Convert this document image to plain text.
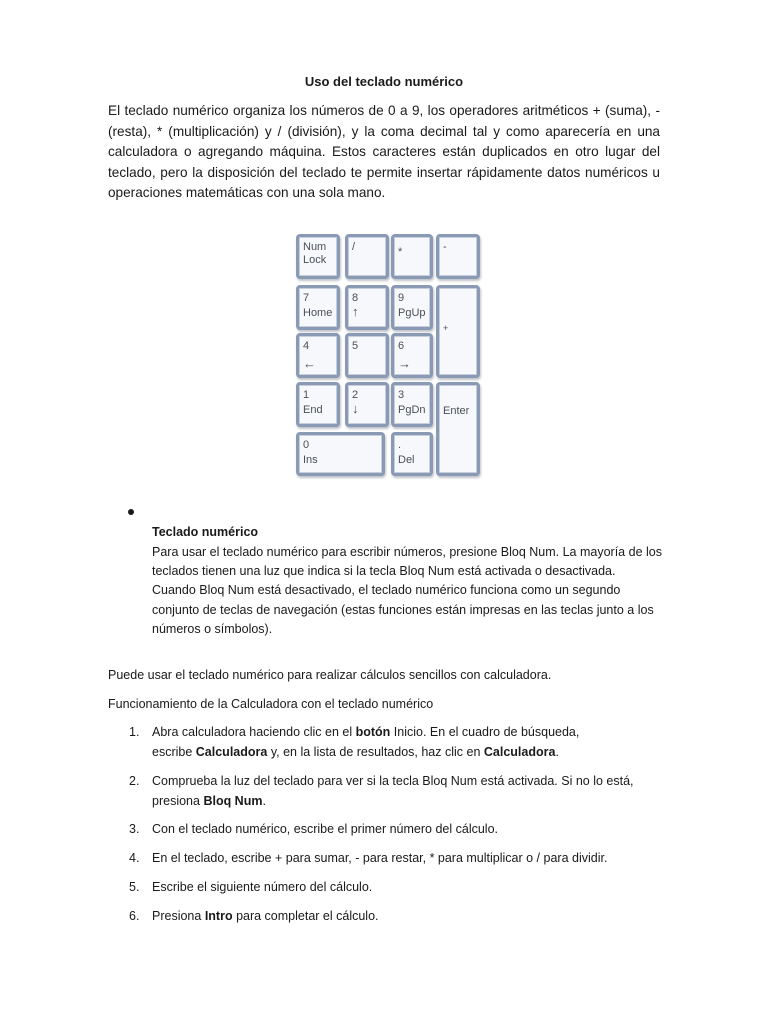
Uso del teclado numérico

El teclado numérico organiza los números de 0 a 9, los operadores aritméticos + (suma), - (resta), * (multiplicación) y / (división), y la coma decimal tal y como aparecería en una calculadora o agregando máquina. Estos caracteres están duplicados en otro lugar del teclado, pero la disposición del teclado te permite insertar rápidamente datos numéricos u operaciones matemáticas con una sola mano.

Num
Lock
/	*	-
7
Home
8
↑
9
PgUp
+
4
←
5	6
→
1
End
2
↓
3
PgDn	Enter
0
Ins
.
Del
Teclado numérico

Para usar el teclado numérico para escribir números, presione Bloq Num. La mayoría de los teclados tienen una luz que indica si la tecla Bloq Num está activada o desactivada. Cuando Bloq Num está desactivado, el teclado numérico funciona como un segundo conjunto de teclas de navegación (estas funciones están impresas en las teclas junto a los números o símbolos).

Puede usar el teclado numérico para realizar cálculos sencillos con calculadora.

Funcionamiento de la Calculadora con el teclado numérico

1.	Abra calculadora haciendo clic en el botón Inicio. En el cuadro de búsqueda,
escribe Calculadora y, en la lista de resultados, haz clic en Calculadora.
2.	Comprueba la luz del teclado para ver si la tecla Bloq Num está activada. Si no lo está,
presiona Bloq Num.
3.	Con el teclado numérico, escribe el primer número del cálculo.
4.	En el teclado, escribe + para sumar, - para restar, * para multiplicar o / para dividir.
5.	Escribe el siguiente número del cálculo.
6.	Presiona Intro para completar el cálculo.
